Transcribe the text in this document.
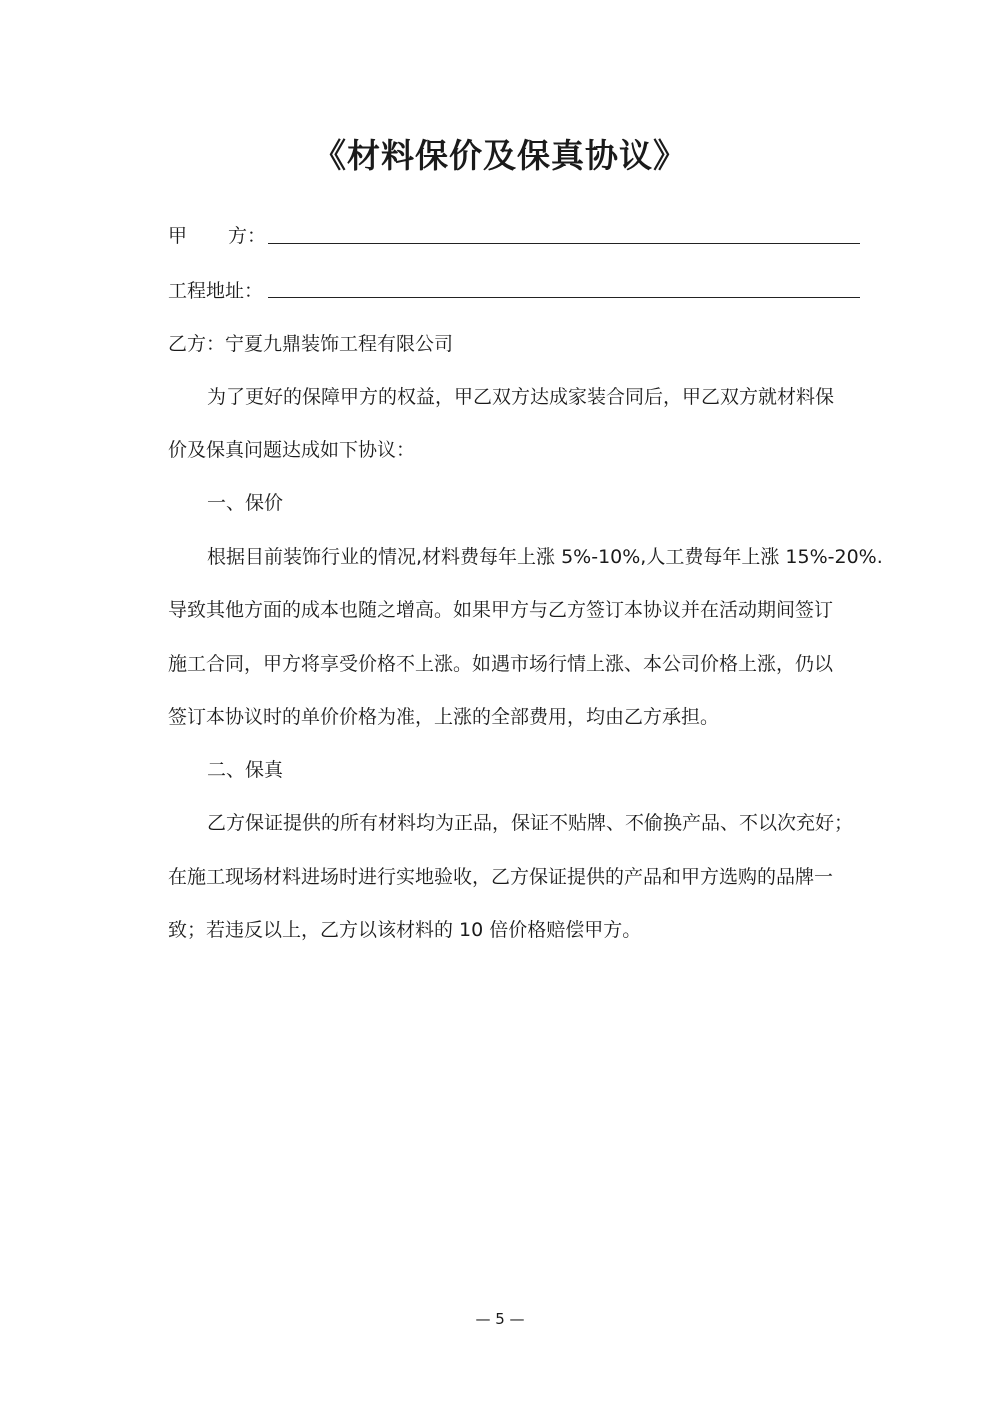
《材料保价及保真协议》
甲 方：
工程地址：
乙方：宁夏九鼎装饰工程有限公司
为了更好的保障甲方的权益，甲乙双方达成家装合同后，甲乙双方就材料保
价及保真问题达成如下协议：
一、保价
根据目前装饰行业的情况,材料费每年上涨 5%-10%,人工费每年上涨 15%-20%.
导致其他方面的成本也随之增高。如果甲方与乙方签订本协议并在活动期间签订
施工合同，甲方将享受价格不上涨。如遇市场行情上涨、本公司价格上涨，仍以
签订本协议时的单价价格为准，上涨的全部费用，均由乙方承担。
二、保真
乙方保证提供的所有材料均为正品，保证不贴牌、不偷换产品、不以次充好；
在施工现场材料进场时进行实地验收，乙方保证提供的产品和甲方选购的品牌一
致；若违反以上，乙方以该材料的 10 倍价格赔偿甲方。
— 5 —
